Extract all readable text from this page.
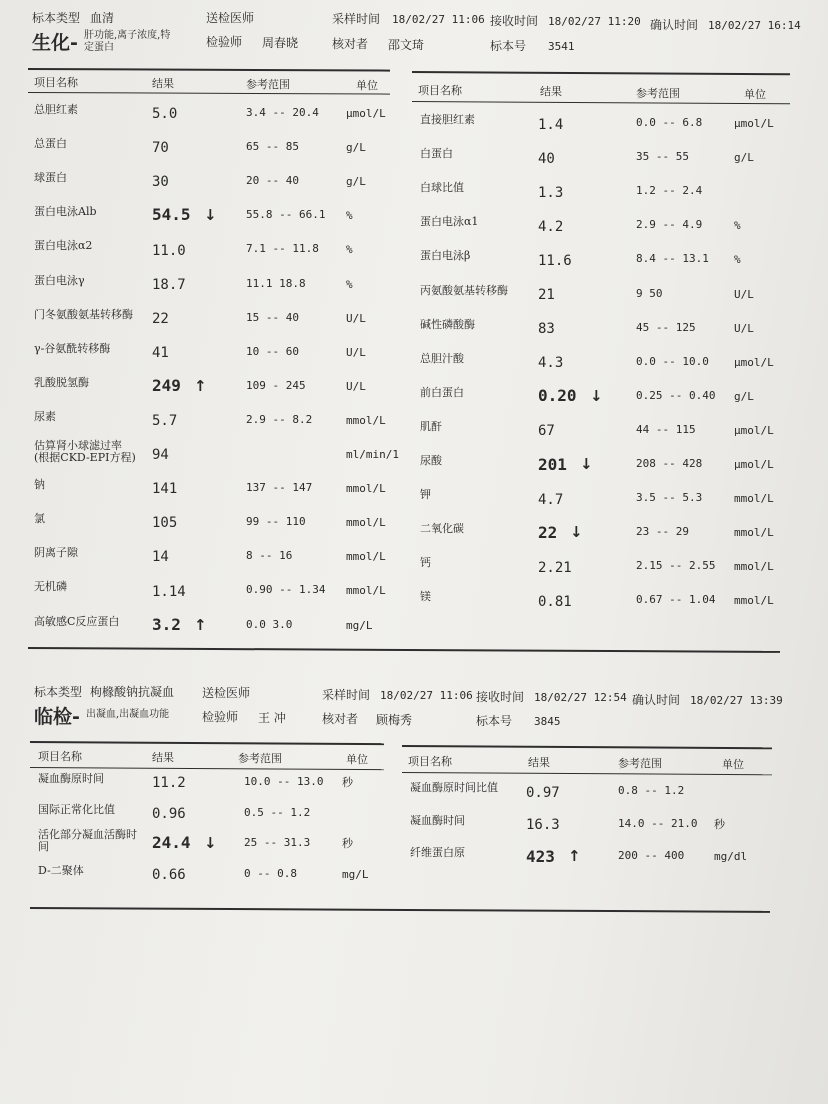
标本类型 血清	送检医师	采样时间 18/02/27 11:06 接收时间 18/02/27 11:20 确认时间 18/02/27 16:14
生化- 肝功能,离子浓度,特
定蛋白	检验师 周春晓	核对者 邵文琦	标本号 3541
项目名称	结果	参考范围	单位	项目名称	结果	参考范围	单位
总胆红素	5.0	3.4 -- 20.4 μmol/L
总蛋白	70	65 -- 85	g/L
球蛋白	30	20 -- 40	g/L
蛋白电泳Alb	54.5 ↓	55.8 -- 66.1 %
蛋白电泳α2	11.0	7.1 -- 11.8 %
蛋白电泳γ	18.7	11.1 18.8	%
门冬氨酸氨基转移酶 22	15 -- 40	U/L
γ-谷氨酰转移酶	41	10 -- 60	U/L
乳酸脱氢酶	249 ↑	109 - 245	U/L
尿素	5.7	2.9 -- 8.2	mmol/L
估算肾小球滤过率
(根据CKD-EPI方程) 94	ml/min/1
钠	141	137 -- 147	mmol/L
氯	105	99 -- 110	mmol/L
阴离子隙	14	8 -- 16	mmol/L
无机磷	1.14	0.90 -- 1.34 mmol/L
高敏感C反应蛋白 3.2 ↑	0.0 3.0	mg/L
直接胆红素	1.4	0.0 -- 6.8	μmol/L
白蛋白	40	35 -- 55	g/L
白球比值	1.3	1.2 -- 2.4
蛋白电泳α1	4.2	2.9 -- 4.9	%
蛋白电泳β	11.6	8.4 -- 13.1 %
丙氨酸氨基转移酶 21	9 50	U/L
碱性磷酸酶	83	45 -- 125	U/L
总胆汁酸	4.3	0.0 -- 10.0 μmol/L
前白蛋白	0.20 ↓	0.25 -- 0.40 g/L
肌酐	67	44 -- 115	μmol/L
尿酸	201 ↓	208 -- 428	μmol/L
钾	4.7	3.5 -- 5.3	mmol/L
二氧化碳	22 ↓	23 -- 29	mmol/L
钙	2.21	2.15 -- 2.55 mmol/L
镁	0.81	0.67 -- 1.04 mmol/L
标本类型 枸橼酸钠抗凝血 送检医师	采样时间 18/02/27 11:06 接收时间 18/02/27 12:54 确认时间 18/02/27 13:39
临检- 出凝血,出凝血功能	检验师 王 冲	核对者 顾梅秀	标本号 3845
项目名称	结果	参考范围	单位	项目名称	结果	参考范围	单位
凝血酶原时间	11.2	10.0 -- 13.0 秒
国际正常化比值	0.96	0.5 -- 1.2
活化部分凝血活酶时
间	24.4 ↓ 25 -- 31.3	秒
D-二聚体	0.66	0 -- 0.8	mg/L
凝血酶原时间比值 0.97	0.8 -- 1.2
凝血酶时间	16.3	14.0 -- 21.0 秒
纤维蛋白原	423 ↑	200 -- 400	mg/dl
